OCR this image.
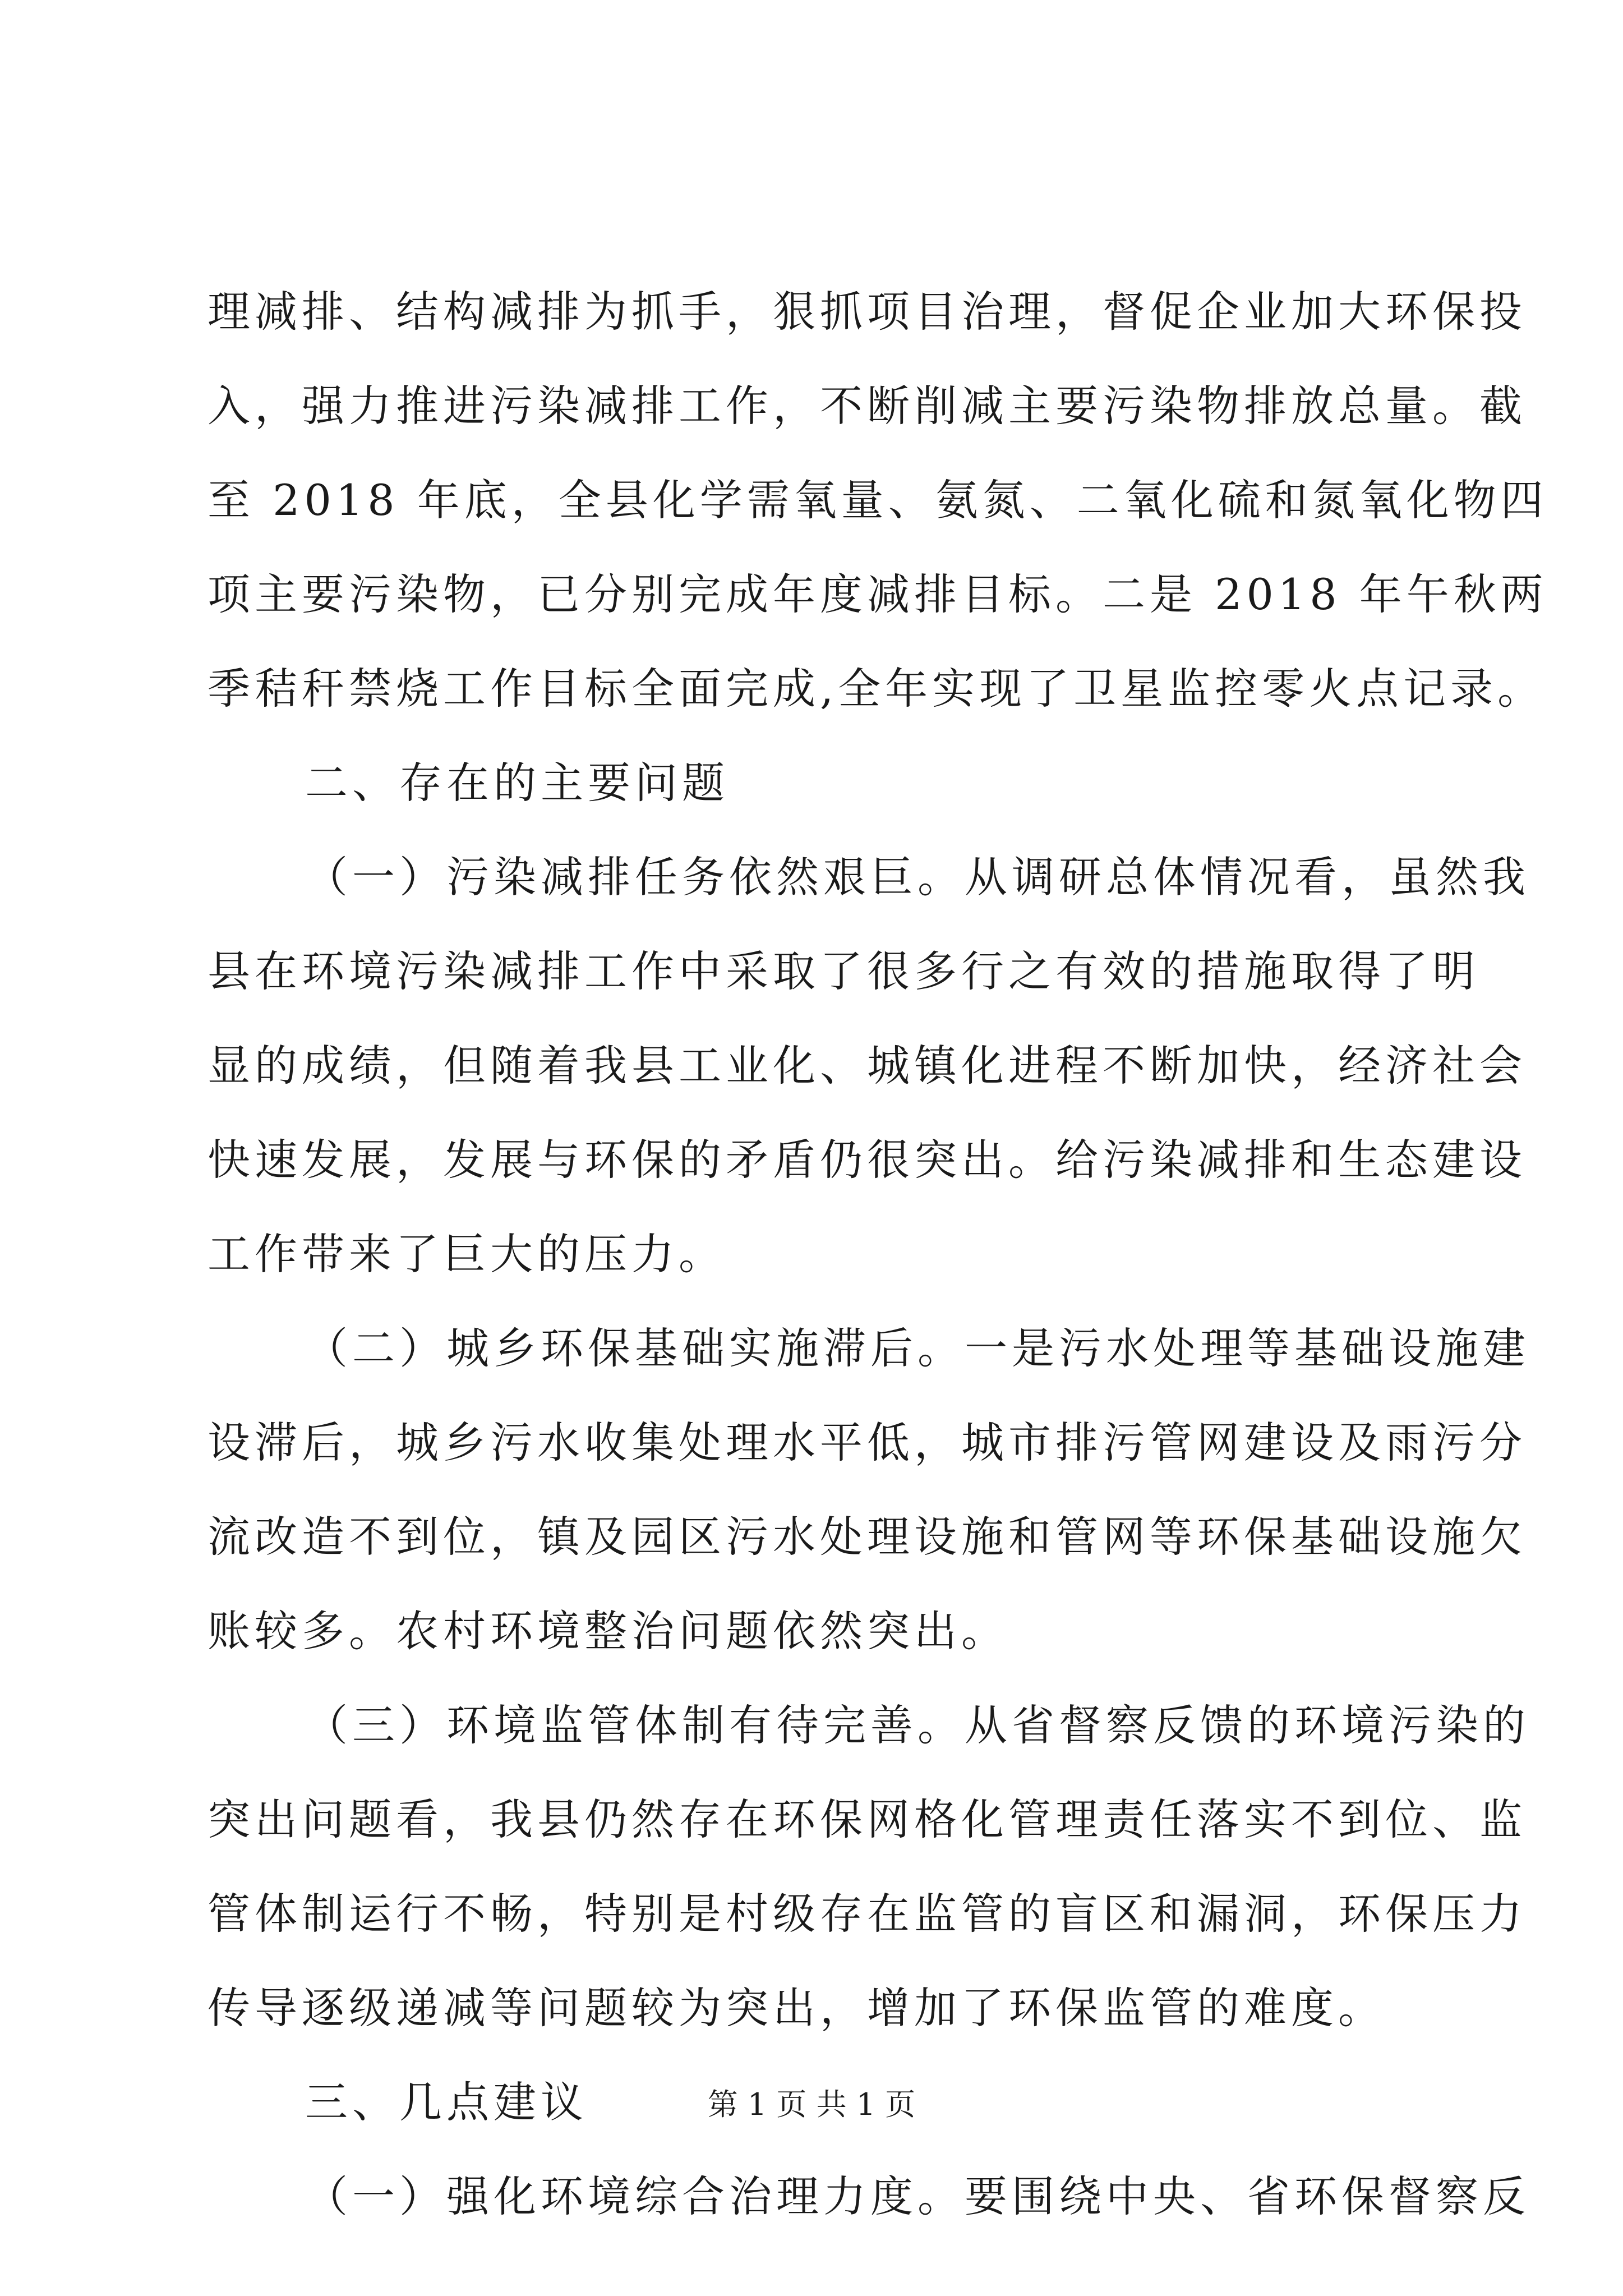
理减排、结构减排为抓手，狠抓项目治理，督促企业加大环保投
入，强力推进污染减排工作，不断削减主要污染物排放总量。截
至 2018 年底，全县化学需氧量、氨氮、二氧化硫和氮氧化物四
项主要污染物，已分别完成年度减排目标。二是 2018 年午秋两
季秸秆禁烧工作目标全面完成,全年实现了卫星监控零火点记录。
二、存在的主要问题
（一）污染减排任务依然艰巨。从调研总体情况看，虽然我
县在环境污染减排工作中采取了很多行之有效的措施取得了明
显的成绩，但随着我县工业化、城镇化进程不断加快，经济社会
快速发展，发展与环保的矛盾仍很突出。给污染减排和生态建设
工作带来了巨大的压力。
（二）城乡环保基础实施滞后。一是污水处理等基础设施建
设滞后，城乡污水收集处理水平低，城市排污管网建设及雨污分
流改造不到位，镇及园区污水处理设施和管网等环保基础设施欠
账较多。农村环境整治问题依然突出。
（三）环境监管体制有待完善。从省督察反馈的环境污染的
突出问题看，我县仍然存在环保网格化管理责任落实不到位、监
管体制运行不畅，特别是村级存在监管的盲区和漏洞，环保压力
传导逐级递减等问题较为突出，增加了环保监管的难度。
三、几点建议
（一）强化环境综合治理力度。要围绕中央、省环保督察反
第 1 页 共 1 页
